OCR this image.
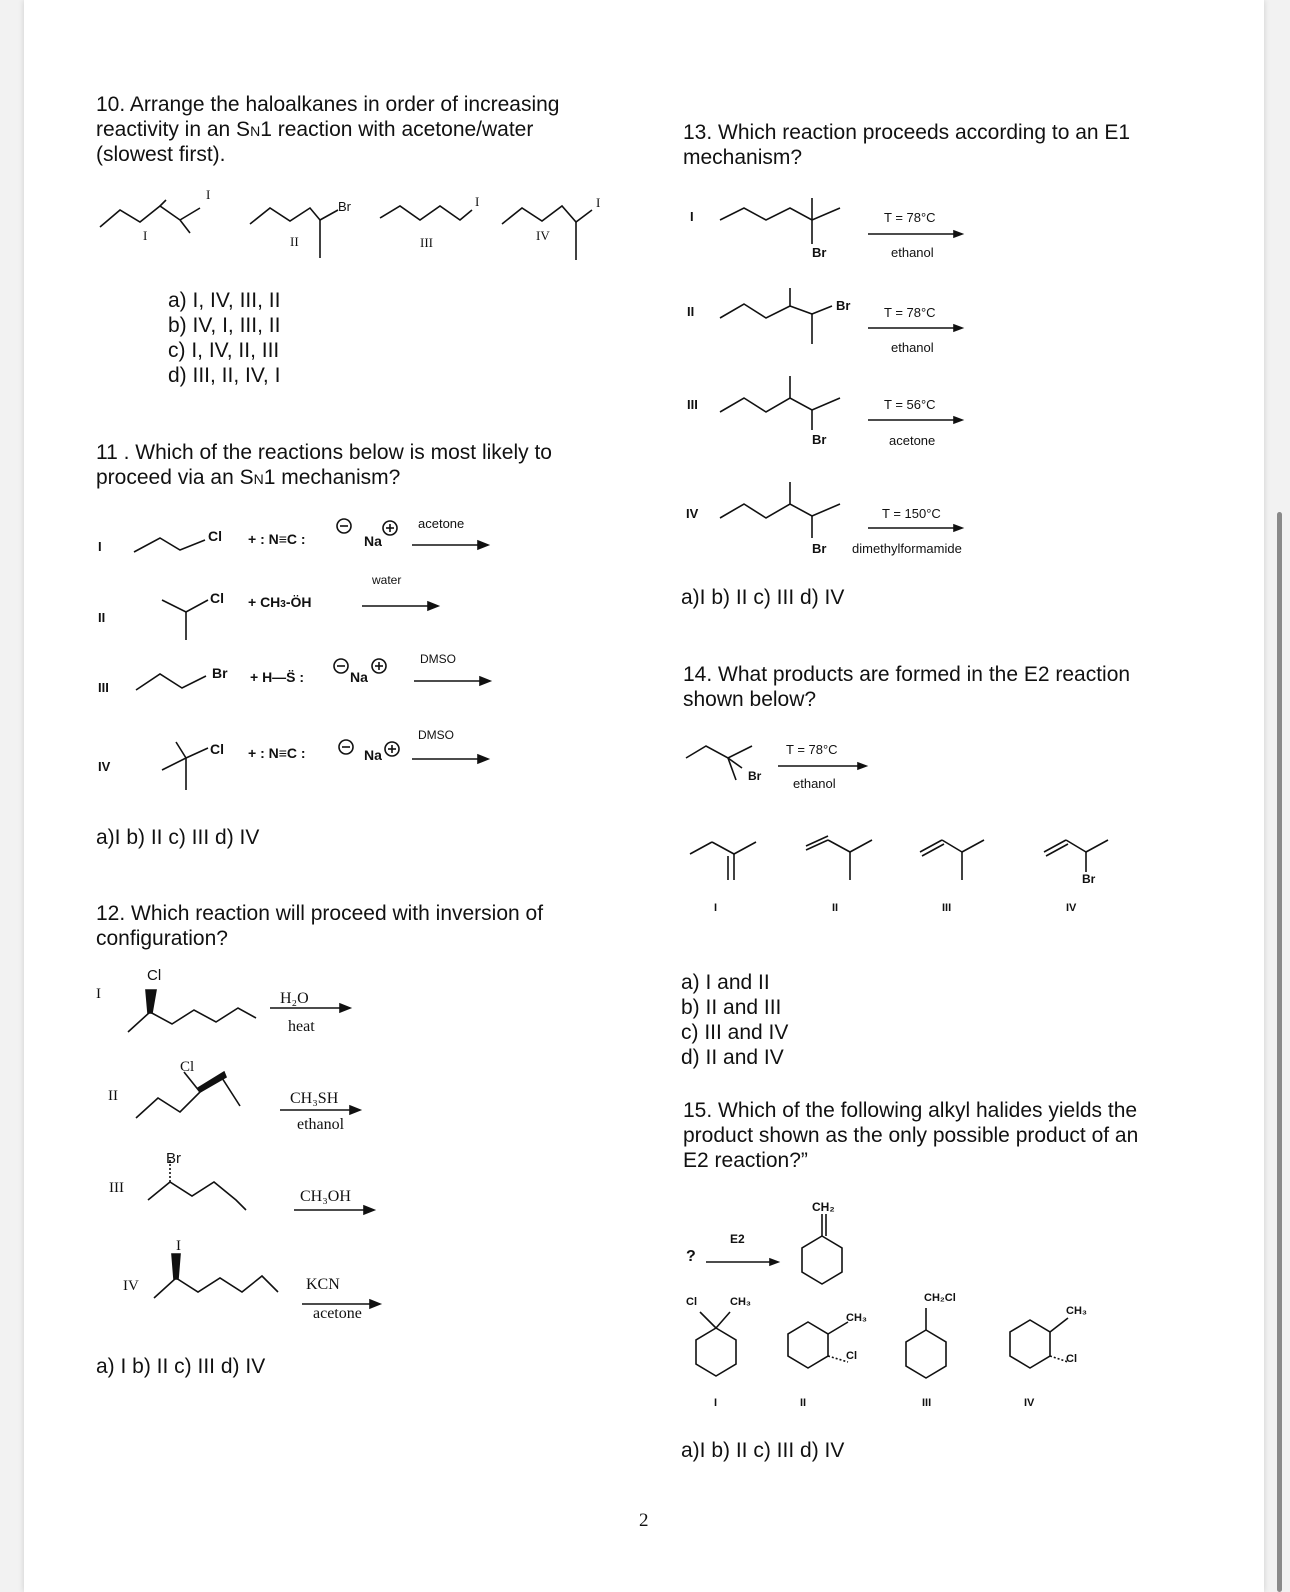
10. Arrange the haloalkanes in order of increasing
reactivity in an SN1 reaction with acetone/water
(slowest first).
I
I
II
Br
III
I
IV
I
a) I, IV, III, II
b) IV, I, III, II
c) I, IV, II, III
d) III, II, IV, I
11 . Which of the reactions below is most likely to
proceed via an SN1 mechanism?
I
II
III
IV
Cl + : N≡C :	Na
acetone
Cl + CH3-ÖH
water
Br + H—S̈ :	Na
DMSO
Cl + : N≡C :	Na
DMSO
a)I b) II c) III d) IV
12. Which reaction will proceed with inversion of
configuration?
I
II
III
IV
Cl
Cl
Br
I
H₂O
heat
CH₃SH
ethanol
CH₃OH
KCN
acetone
a) I b) II c) III d) IV
13. Which reaction proceeds according to an E1
mechanism?
I
II
III
IV
Br
Br
Br
Br
T = 78°C
ethanol
T = 78°C
ethanol
T = 56°C
acetone
T = 150°C
dimethylformamide
a)I b) II c) III d) IV
14. What products are formed in the E2 reaction
shown below?
Br
T = 78°C
ethanol
Br
I	II	III	IV
a) I and II
b) II and III
c) III and IV
d) II and IV
15. Which of the following alkyl halides yields the
product shown as the only possible product of an
E2 reaction?”
?
E2
CH₂
Cl	CH₃
CH₃
Cl
CH₂Cl
CH₃
Cl
I	II	III	IV
a)I b) II c) III d) IV
2
